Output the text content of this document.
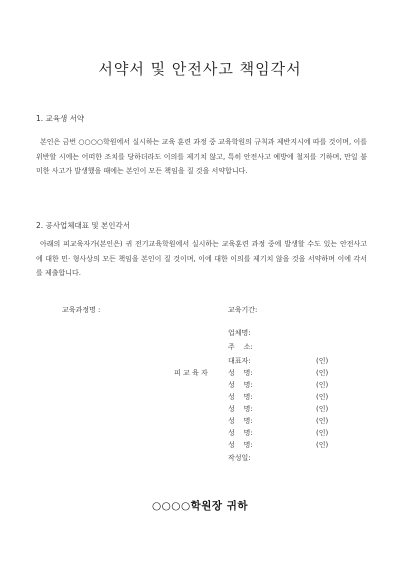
서약서 및 안전사고 책임각서
1. 교육생 서약

본인은 금번 ○○○○학원에서 실시하는 교육 훈련 과정 중 교육학원의 규칙과 제반지시에 따를 것이며, 이를 위반할 시에는 어떠한 조치를 당하더라도 이의를 제기치 않고, 특히 안전사고 예방에 철저를 기하며, 만일 불미한 사고가 발생했을 때에는 본인이 모든 책임을 질 것을 서약합니다.

2. 공사업체대표 및 본인각서

아래의 피교육자가(본인은) 귀 전기교육학원에서 실시하는 교육훈련 과정 중에 발생할 수도 있는 안전사고에 대한 민· 형사상의 모든 책임을 본인이 질 것이며, 이에 대한 이의를 제기치 않을 것을 서약하며 이에 각서를 제출합니다.

교육과정명 :	교육기간:
업체명:
주    소:
대표자:	(인)
피 교 육 자	성    명:	(인)
성    명:	(인)
성    명:	(인)
성    명:	(인)
성    명:	(인)
성    명:	(인)
성    명:	(인)
작성일:
○○○○학원장 귀하
